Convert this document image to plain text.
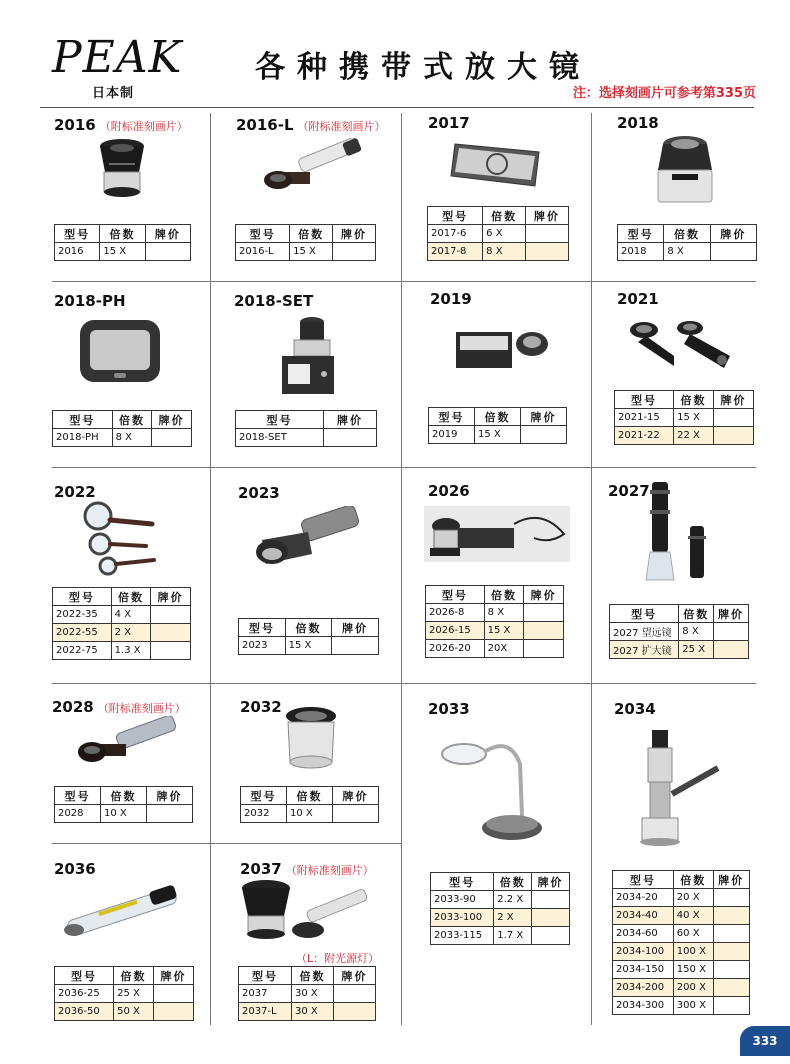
PEAK
日本制
各种携带式放大镜
注：选择刻画片可参考第335页
2016 （附标准刻画片）
型号	倍数	牌价
2016	15 X	
2016-L （附标准刻画片）
型号	倍数	牌价
2016-L	15 X	
2017
型号	倍数	牌价
2017-6	6 X	
2017-8	8 X	
2018
型号	倍数	牌价
2018	8 X	
2018-PH
型号	倍数	牌价
2018-PH	8 X	
2018-SET
型号	牌价
2018-SET	
2019
型号	倍数	牌价
2019	15 X	
2021
型号	倍数	牌价
2021-15	15 X	
2021-22	22 X	
2022
型号	倍数	牌价
2022-35	4 X	
2022-55	2 X	
2022-75	1.3 X	
2023
型号	倍数	牌价
2023	15 X	
2026
型号	倍数	牌价
2026-8	8 X	
2026-15	15 X	
2026-20	20X	
2027
型号	倍数	牌价
2027 望远镜	8 X	
2027 扩大镜	25 X	
2028 （附标准刻画片）
型号	倍数	牌价
2028	10 X	
2032
型号	倍数	牌价
2032	10 X	
2033
型号	倍数	牌价
2033-90	2.2 X	
2033-100	2 X	
2033-115	1.7 X	
2034
型号	倍数	牌价
2034-20	20 X	
2034-40	40 X	
2034-60	60 X	
2034-100	100 X	
2034-150	150 X	
2034-200	200 X	
2034-300	300 X	
2036
型号	倍数	牌价
2036-25	25 X	
2036-50	50 X	
2037 （附标准刻画片）
（L：附光源灯）
型号	倍数	牌价
2037	30 X	
2037-L	30 X	
333
